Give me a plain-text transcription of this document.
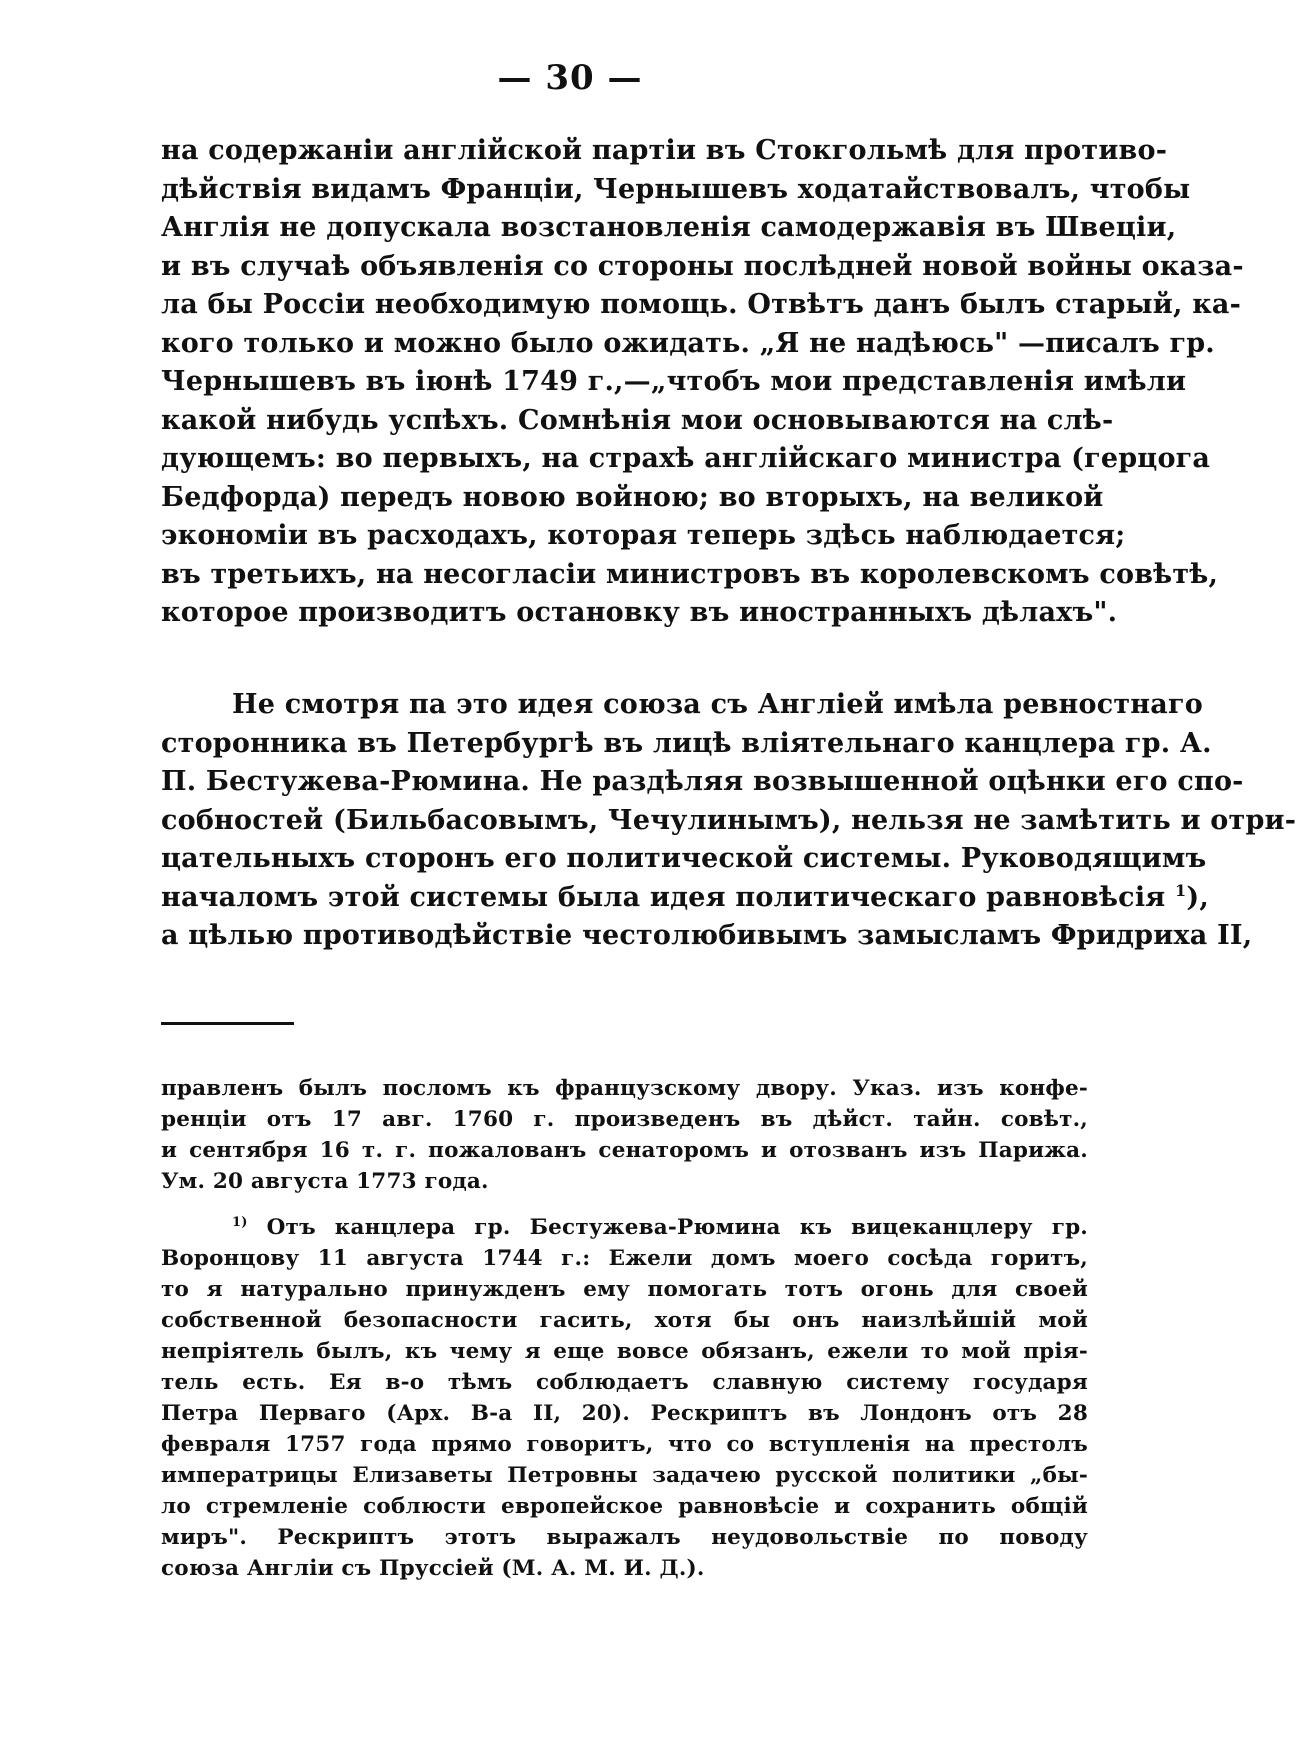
— 30 —
на содержаніи англійской партіи въ Стокгольмѣ для противо-
дѣйствія видамъ Франціи, Чернышевъ ходатайствовалъ, чтобы
Англія не допускала возстановленія самодержавія въ Швеціи,
и въ случаѣ объявленія со стороны послѣдней новой войны оказа-
ла бы Россіи необходимую помощь. Отвѣтъ данъ былъ старый, ка-
кого только и можно было ожидать. „Я не надѣюсь" —писалъ гр.
Чернышевъ въ іюнѣ 1749 г.,—„чтобъ мои представленія имѣли
какой нибудь успѣхъ. Сомнѣнія мои основываются на слѣ-
дующемъ: во первыхъ, на страхѣ англійскаго министра (герцога
Бедфорда) передъ новою войною; во вторыхъ, на великой
экономіи въ расходахъ, которая теперь здѣсь наблюдается;
въ третьихъ, на несогласіи министровъ въ королевскомъ совѣтѣ,
которое производитъ остановку въ иностранныхъ дѣлахъ".
Не смотря па это идея союза съ Англіей имѣла ревностнаго
сторонника въ Петербургѣ въ лицѣ вліятельнаго канцлера гр. А.
П. Бестужева-Рюмина. Не раздѣляя возвышенной оцѣнки его спо-
собностей (Бильбасовымъ, Чечулинымъ), нельзя не замѣтить и отри-
цательныхъ сторонъ его политической системы. Руководящимъ
началомъ этой системы была идея политическаго равновѣсія $^1$),
а цѣлью противодѣйствіе честолюбивымъ замысламъ Фридриха II,
правленъ былъ посломъ къ французскому двору. Указ. изъ конфе-
ренціи отъ 17 авг. 1760 г. произведенъ въ дѣйст. тайн. совѣт.,
и сентября 16 т. г. пожалованъ сенаторомъ и отозванъ изъ Парижа.
Ум. 20 августа 1773 года.
$^{1)}$ Отъ канцлера гр. Бестужева-Рюмина къ вицеканцлеру гр.
Воронцову 11 августа 1744 г.: Ежели домъ моего сосѣда горитъ,
то я натурально принужденъ ему помогать тотъ огонь для своей
собственной безопасности гасить, хотя бы онъ наизлѣйшій мой
непріятель былъ, къ чему я еще вовсе обязанъ, ежели то мой прія-
тель есть. Ея в-о тѣмъ соблюдаетъ славную систему государя
Петра Перваго (Арх. В-а II, 20). Рескриптъ въ Лондонъ отъ 28
февраля 1757 года прямо говоритъ, что со вступленія на престолъ
императрицы Елизаветы Петровны задачею русской политики „бы-
ло стремленіе соблюсти европейское равновѣсіе и сохранить общій
миръ". Рескриптъ этотъ выражалъ неудовольствіе по поводу
союза Англіи съ Пруссіей (М. А. М. И. Д.).
